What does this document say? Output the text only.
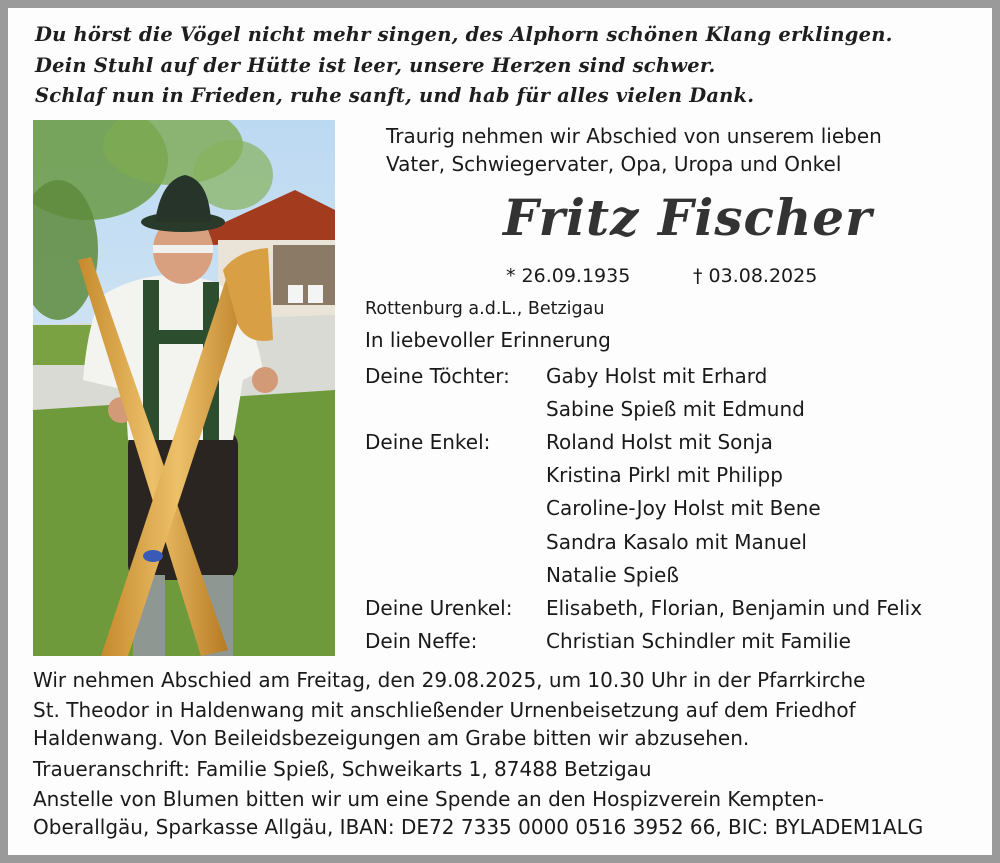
Du hörst die Vögel nicht mehr singen, des Alphorn schönen Klang erklingen.
Dein Stuhl auf der Hütte ist leer, unsere Herzen sind schwer.
Schlaf nun in Frieden, ruhe sanft, und hab für alles vielen Dank.
Traurig nehmen wir Abschied von unserem lieben
Vater, Schwiegervater, Opa, Uropa und Onkel
Fritz Fischer
* 26.09.1935	† 03.08.2025
Rottenburg a.d.L., Betzigau
In liebevoller Erinnerung
Deine Töchter: Gaby Holst mit Erhard
Sabine Spieß mit Edmund
Deine Enkel:	Roland Holst mit Sonja
Kristina Pirkl mit Philipp
Caroline-Joy Holst mit Bene
Sandra Kasalo mit Manuel
Natalie Spieß
Deine Urenkel: Elisabeth, Florian, Benjamin und Felix
Dein Neffe:	Christian Schindler mit Familie
Wir nehmen Abschied am Freitag, den 29.08.2025, um 10.30 Uhr in der Pfarrkirche
St. Theodor in Haldenwang mit anschließender Urnenbeisetzung auf dem Friedhof
Haldenwang. Von Beileidsbezeigungen am Grabe bitten wir abzusehen.
Traueranschrift: Familie Spieß, Schweikarts 1, 87488 Betzigau
Anstelle von Blumen bitten wir um eine Spende an den Hospizverein Kempten-
Oberallgäu, Sparkasse Allgäu, IBAN: DE72 7335 0000 0516 3952 66, BIC: BYLADEM1ALG
